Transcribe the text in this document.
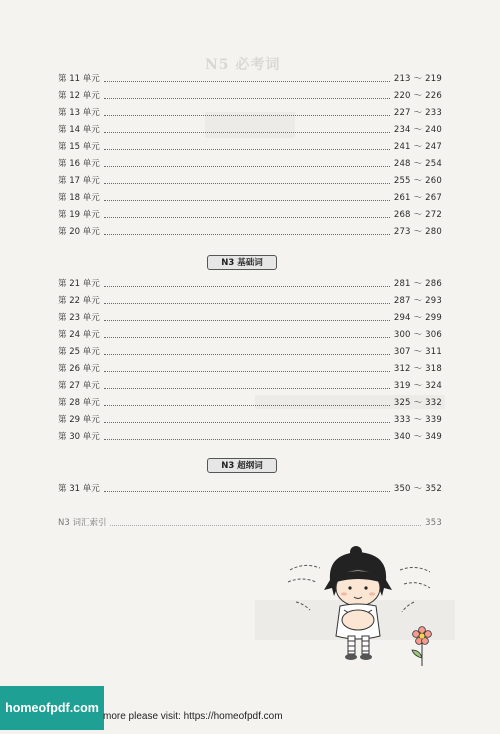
N5 必考词
第 11 单元	213 ～ 219
第 12 单元	220 ～ 226
第 13 单元	227 ～ 233
第 14 单元	234 ～ 240
第 15 单元	241 ～ 247
第 16 单元	248 ～ 254
第 17 单元	255 ～ 260
第 18 单元	261 ～ 267
第 19 单元	268 ～ 272
第 20 单元	273 ～ 280
N3 基础词
第 21 单元	281 ～ 286
第 22 单元	287 ～ 293
第 23 单元	294 ～ 299
第 24 单元	300 ～ 306
第 25 单元	307 ～ 311
第 26 单元	312 ～ 318
第 27 单元	319 ～ 324
第 28 单元	325 ～ 332
第 29 单元	333 ～ 339
第 30 单元	340 ～ 349
N3 超纲词
第 31 单元	350 ～ 352
N3 词汇索引	353
homeofpdf.com
more please visit: https://homeofpdf.com
